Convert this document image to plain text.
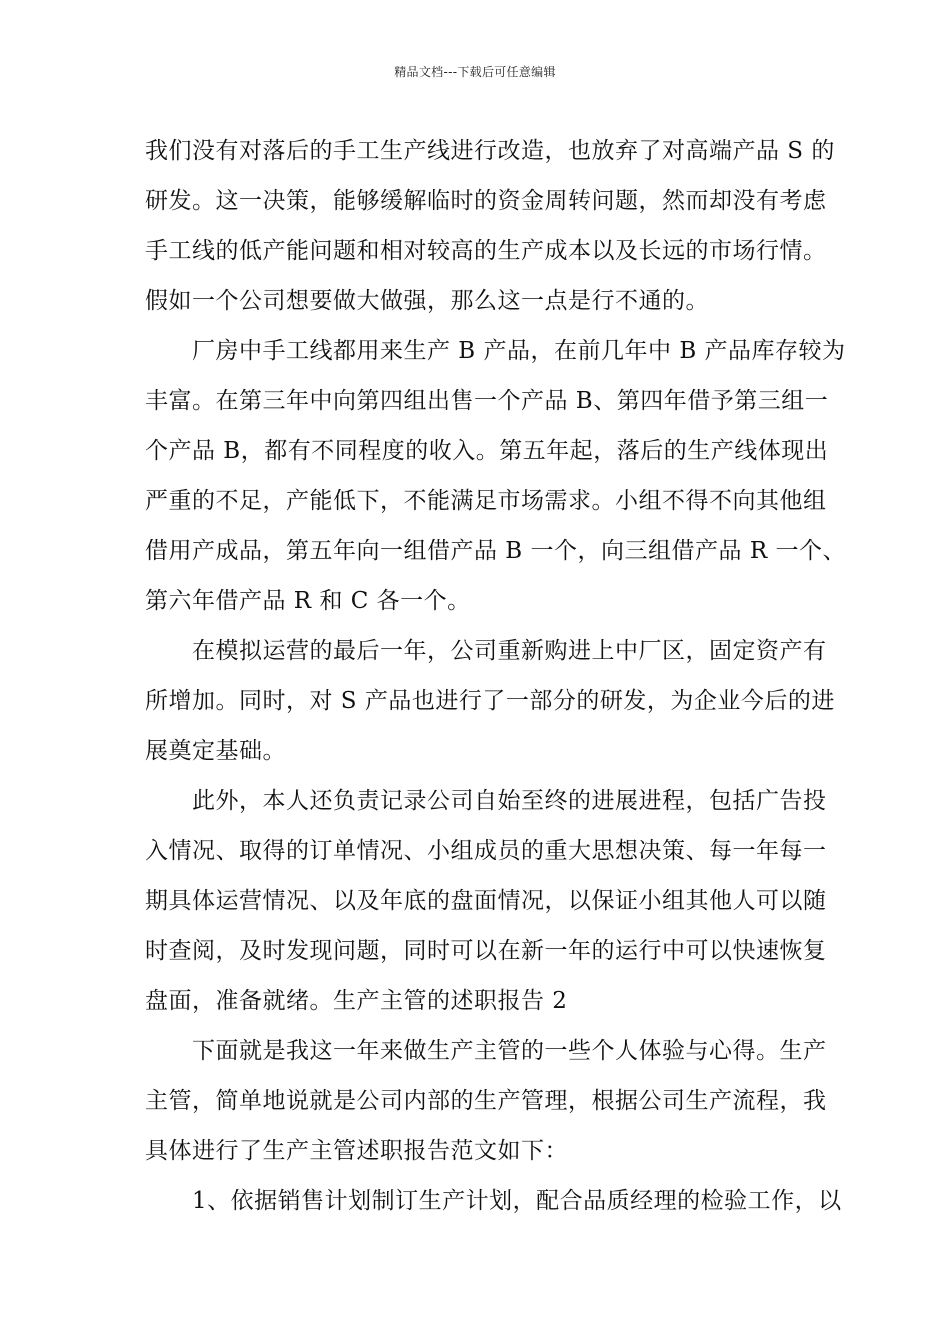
精品文档---下载后可任意编辑

我们没有对落后的手工生产线进行改造，也放弃了对高端产品 S 的
研发。这一决策，能够缓解临时的资金周转问题，然而却没有考虑
手工线的低产能问题和相对较高的生产成本以及长远的市场行情。
假如一个公司想要做大做强，那么这一点是行不通的。

厂房中手工线都用来生产 B 产品，在前几年中 B 产品库存较为
丰富。在第三年中向第四组出售一个产品 B、第四年借予第三组一
个产品 B，都有不同程度的收入。第五年起，落后的生产线体现出
严重的不足，产能低下，不能满足市场需求。小组不得不向其他组
借用产成品，第五年向一组借产品 B 一个，向三组借产品 R 一个、
第六年借产品 R 和 C 各一个。

在模拟运营的最后一年，公司重新购进上中厂区，固定资产有
所增加。同时，对 S 产品也进行了一部分的研发，为企业今后的进
展奠定基础。

此外，本人还负责记录公司自始至终的进展进程，包括广告投
入情况、取得的订单情况、小组成员的重大思想决策、每一年每一
期具体运营情况、以及年底的盘面情况，以保证小组其他人可以随
时查阅，及时发现问题，同时可以在新一年的运行中可以快速恢复
盘面，准备就绪。生产主管的述职报告 2

下面就是我这一年来做生产主管的一些个人体验与心得。生产
主管，简单地说就是公司内部的生产管理，根据公司生产流程，我
具体进行了生产主管述职报告范文如下：

1、依据销售计划制订生产计划，配合品质经理的检验工作，以
